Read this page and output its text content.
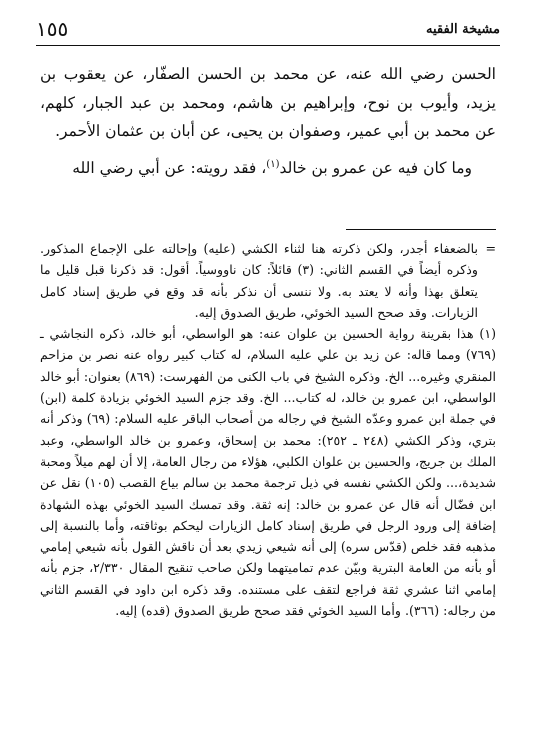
مشيخة الفقيه
١٥٥

الحسن رضي الله عنه، عن محمد بن الحسن الصفّار، عن يعقوب بن يزيد، وأيوب بن نوح، وإبراهيم بن هاشم، ومحمد بن عبد الجبار، كلهم، عن محمد بن أبي عمير، وصفوان بن يحيى، عن أبان بن عثمان الأحمر.

وما كان فيه عن عمرو بن خالد$^{(١)}$، فقد رويته: عن أبي رضي الله

=
بالضعفاء أجدر، ولكن ذكرته هنا لثناء الكشي (عليه) وإحالته على الإجماع المذكور. وذكره أيضاً في القسم الثاني: (٣) قائلاً: كان ناووسياً. أقول: قد ذكرنا قبل قليل ما يتعلق بهذا وأنه لا يعتد به. ولا ننسى أن نذكر بأنه قد وقع في طريق إسناد كامل الزيارات. وقد صحح السيد الخوئي، طريق الصدوق إليه.

(١) هذا بقرينة رواية الحسين بن علوان عنه: هو الواسطي، أبو خالد، ذكره النجاشي ـ (٧٦٩) ومما قاله: عن زيد بن علي عليه السلام، له كتاب كبير رواه عنه نصر بن مزاحم المنقري وغيره... الخ. وذكره الشيخ في باب الكنى من الفهرست: (٨٦٩) بعنوان: أبو خالد الواسطي، ابن عمرو بن خالد، له كتاب... الخ. وقد جزم السيد الخوئي بزيادة كلمة (ابن) في جملة ابن عمرو وعدّه الشيخ في رجاله من أصحاب الباقر عليه السلام: (٦٩) وذكر أنه بتري، وذكر الكشي (٢٤٨ ـ ٢٥٢): محمد بن إسحاق، وعمرو بن خالد الواسطي، وعبد الملك بن جريج، والحسين بن علوان الكلبي، هؤلاء من رجال العامة، إلا أن لهم ميلاً ومحبة شديدة،... ولكن الكشي نفسه في ذيل ترجمة محمد بن سالم بياع القصب (١٠٥) نقل عن ابن فضّال أنه قال عن عمرو بن خالد: إنه ثقة. وقد تمسك السيد الخوئي بهذه الشهادة إضافة إلى ورود الرجل في طريق إسناد كامل الزيارات ليحكم بوثاقته، وأما بالنسبة إلى مذهبه فقد خلص (قدّس سره) إلى أنه شيعي زيدي بعد أن ناقش القول بأنه شيعي إمامي أو بأنه من العامة البترية وبيّن عدم تماميتهما ولكن صاحب تنقيح المقال ٢/٣٣٠، جزم بأنه إمامي اثنا عشري ثقة فراجع لتقف على مستنده. وقد ذكره ابن داود في القسم الثاني من رجاله: (٣٦٦). وأما السيد الخوئي فقد صحح طريق الصدوق (قده) إليه.
